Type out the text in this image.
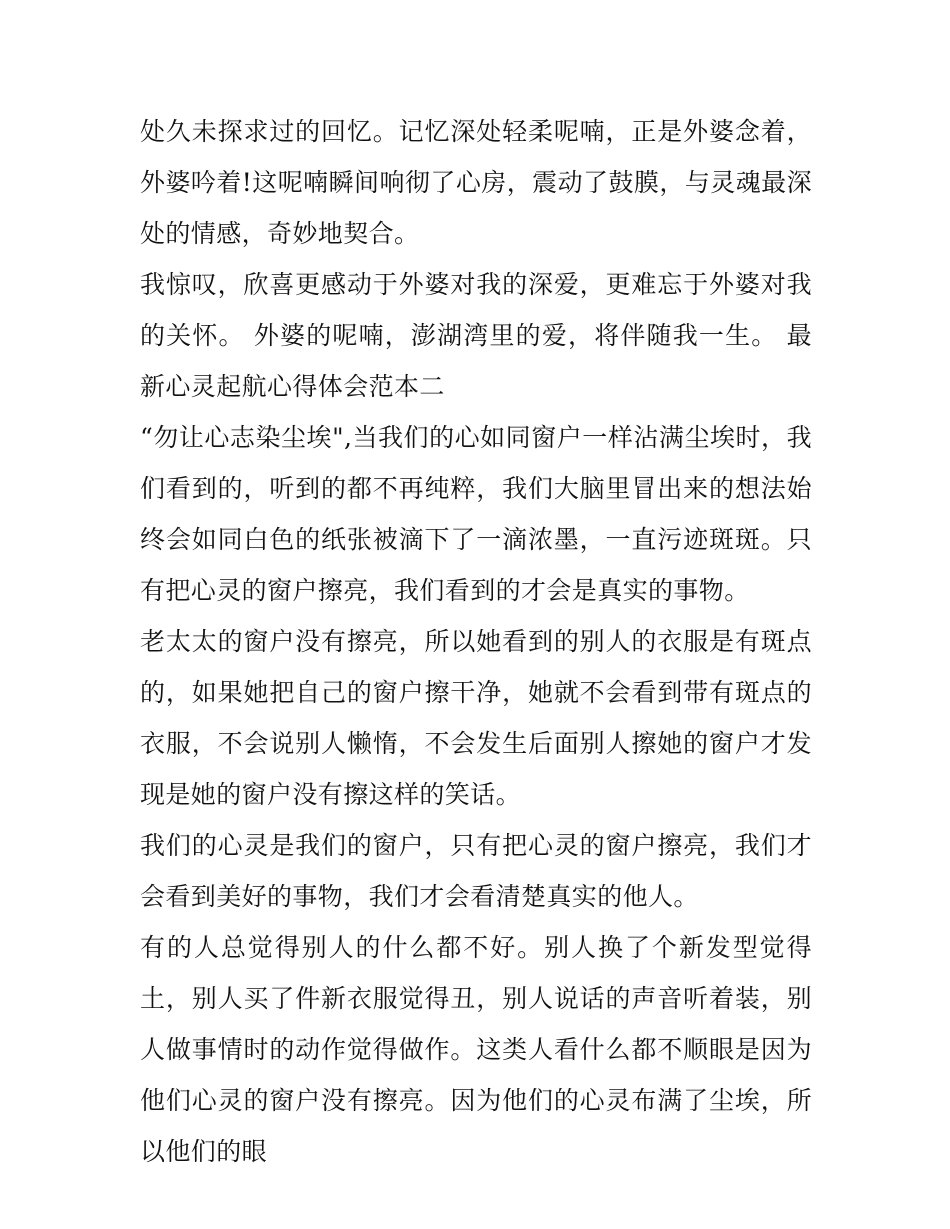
处久未探求过的回忆。记忆深处轻柔呢喃，正是外婆念着，外婆吟着!这呢喃瞬间响彻了心房，震动了鼓膜，与灵魂最深处的情感，奇妙地契合。

我惊叹，欣喜更感动于外婆对我的深爱，更难忘于外婆对我的关怀。 外婆的呢喃，澎湖湾里的爱，将伴随我一生。 最新心灵起航心得体会范本二

“勿让心志染尘埃",当我们的心如同窗户一样沾满尘埃时，我们看到的，听到的都不再纯粹，我们大脑里冒出来的想法始终会如同白色的纸张被滴下了一滴浓墨，一直污迹斑斑。只有把心灵的窗户擦亮，我们看到的才会是真实的事物。

老太太的窗户没有擦亮，所以她看到的别人的衣服是有斑点的，如果她把自己的窗户擦干净，她就不会看到带有斑点的衣服，不会说别人懒惰，不会发生后面别人擦她的窗户才发现是她的窗户没有擦这样的笑话。

我们的心灵是我们的窗户，只有把心灵的窗户擦亮，我们才会看到美好的事物，我们才会看清楚真实的他人。

有的人总觉得别人的什么都不好。别人换了个新发型觉得土，别人买了件新衣服觉得丑，别人说话的声音听着装，别人做事情时的动作觉得做作。这类人看什么都不顺眼是因为他们心灵的窗户没有擦亮。因为他们的心灵布满了尘埃，所以他们的眼
